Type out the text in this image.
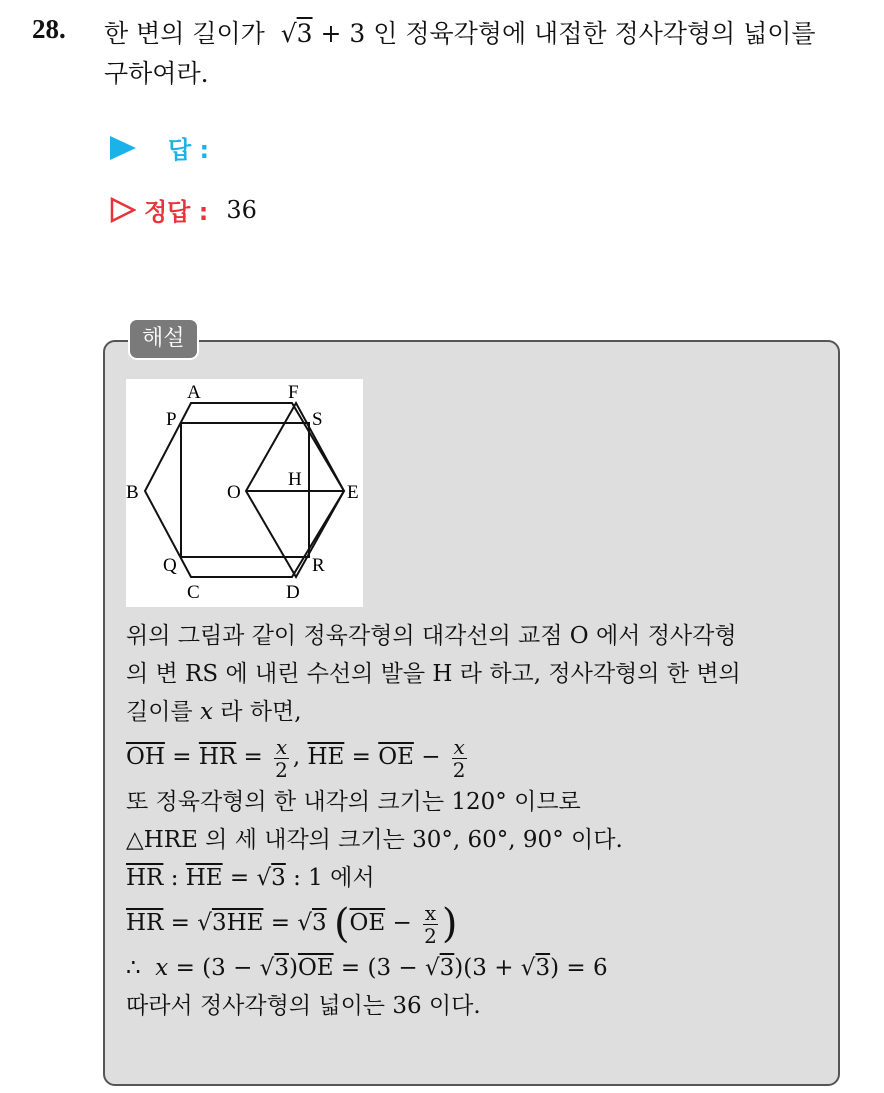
28. 한 변의 길이가  √3 + 3 인 정육각형에 내접한 정사각형의 넓이를
구하여라.
답 :
정답 : 36
해설
A	F
P	S
B	O
H
E
Q	R
C	D
위의 그림과 같이 정육각형의 대각선의 교점 O 에서 정사각형
의 변 RS 에 내린 수선의 발을 H 라 하고, 정사각형의 한 변의
길이를 x 라 하면,
$\overline{OH} = \overline{HR} = \frac{x}{2}$ , $\overline{HE} = \overline{OE} - \frac{x}{2}$
또 정육각형의 한 내각의 크기는 120° 이므로
△HRE 의 세 내각의 크기는 30°, 60°, 90° 이다.
$\overline{HR}$ : $\overline{HE} = √3$ : 1 에서
$\overline{HR} = √3HE = √3$ ($\overline{OE} - \frac{x}{2}$ )
∴ $x = (3 - √3)\overline{OE} = (3 - √3)(3 + √3) = 6$
따라서 정사각형의 넓이는 36 이다.
